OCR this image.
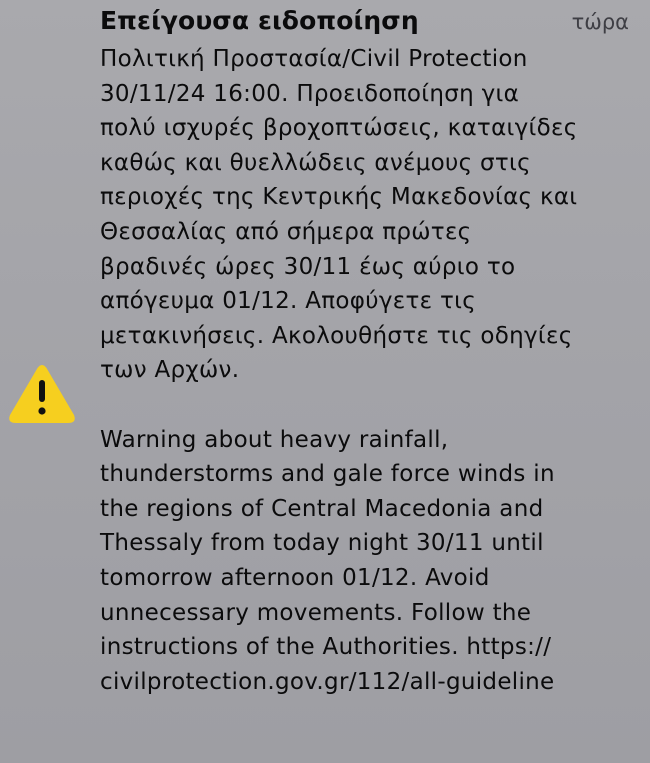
Επείγουσα ειδοποίηση	τώρα
Πολιτική Προστασία/Civil Protection
30/11/24 16:00. Προειδοποίηση για
πολύ ισχυρές βροχοπτώσεις, καταιγίδες
καθώς και θυελλώδεις ανέμους στις
περιοχές της Κεντρικής Μακεδονίας και
Θεσσαλίας από σήμερα πρώτες
βραδινές ώρες 30/11 έως αύριο το
απόγευμα 01/12. Αποφύγετε τις
μετακινήσεις. Ακολουθήστε τις οδηγίες
των Αρχών.
Warning about heavy rainfall,
thunderstorms and gale force winds in
the regions of Central Macedonia and
Thessaly from today night 30/11 until
tomorrow afternoon 01/12. Avoid
unnecessary movements. Follow the
instructions of the Authorities. https://
civilprotection.gov.gr/112/all-guideline
